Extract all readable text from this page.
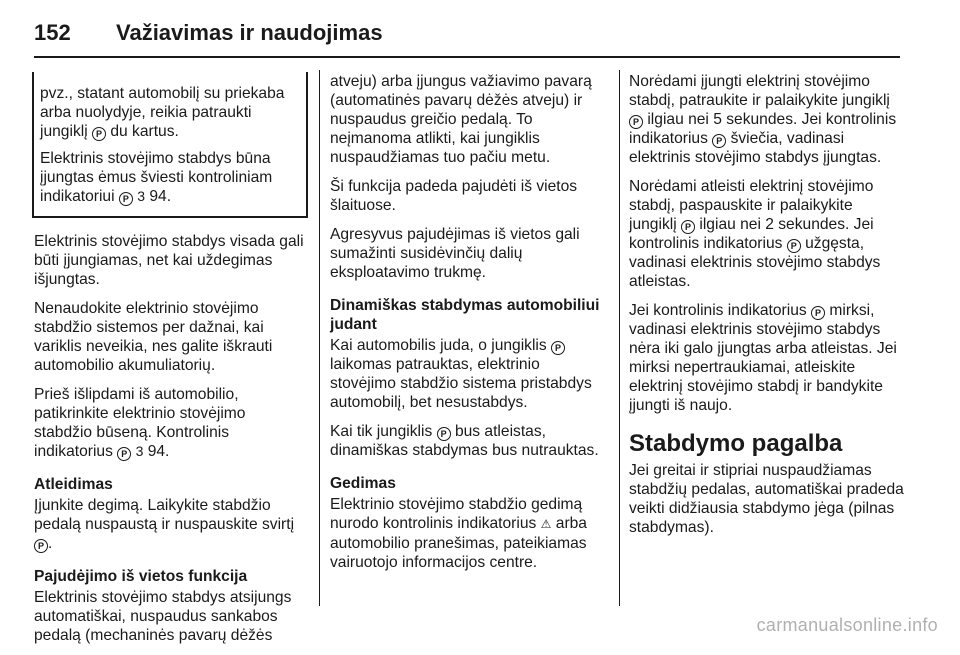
152 Važiavimas ir naudojimas

pvz., statant automobilį su priekaba arba nuolydyje, reikia patraukti jungiklį P du kartus.

Elektrinis stovėjimo stabdys būna įjungtas ėmus šviesti kontroliniam indikatoriui P 3 94.

Elektrinis stovėjimo stabdys visada gali būti įjungiamas, net kai uždegimas išjungtas.

Nenaudokite elektrinio stovėjimo stabdžio sistemos per dažnai, kai variklis neveikia, nes galite iškrauti automobilio akumuliatorių.

Prieš išlipdami iš automobilio, patikrinkite elektrinio stovėjimo stabdžio būseną. Kontrolinis indikatorius P 3 94.

Atleidimas

Įjunkite degimą. Laikykite stabdžio pedalą nuspaustą ir nuspauskite svirtį P .

Pajudėjimo iš vietos funkcija

Elektrinis stovėjimo stabdys atsijungs automatiškai, nuspaudus sankabos pedalą (mechaninės pavarų dėžės

atveju) arba įjungus važiavimo pavarą (automatinės pavarų dėžės atveju) ir nuspaudus greičio pedalą. To neįmanoma atlikti, kai jungiklis nuspaudžiamas tuo pačiu metu.

Ši funkcija padeda pajudėti iš vietos šlaituose.

Agresyvus pajudėjimas iš vietos gali sumažinti susidėvinčių dalių eksploatavimo trukmę.

Dinamiškas stabdymas automobiliui judant

Kai automobilis juda, o jungiklis P laikomas patrauktas, elektrinio stovėjimo stabdžio sistema pristabdys automobilį, bet nesustabdys.

Kai tik jungiklis P bus atleistas, dinamiškas stabdymas bus nutrauktas.

Gedimas

Elektrinio stovėjimo stabdžio gedimą nurodo kontrolinis indikatorius ⚠ arba automobilio pranešimas, pateikiamas vairuotojo informacijos centre.

Norėdami įjungti elektrinį stovėjimo stabdį, patraukite ir palaikykite jungiklį P ilgiau nei 5 sekundes. Jei kontrolinis indikatorius P šviečia, vadinasi elektrinis stovėjimo stabdys įjungtas.

Norėdami atleisti elektrinį stovėjimo stabdį, paspauskite ir palaikykite jungiklį P ilgiau nei 2 sekundes. Jei kontrolinis indikatorius P užgęsta, vadinasi elektrinis stovėjimo stabdys atleistas.

Jei kontrolinis indikatorius P mirksi, vadinasi elektrinis stovėjimo stabdys nėra iki galo įjungtas arba atleistas. Jei mirksi nepertraukiamai, atleiskite elektrinį stovėjimo stabdį ir bandykite įjungti iš naujo.

Stabdymo pagalba

Jei greitai ir stipriai nuspaudžiamas stabdžių pedalas, automatiškai pradeda veikti didžiausia stabdymo jėga (pilnas stabdymas).

carmanualsonline.info
